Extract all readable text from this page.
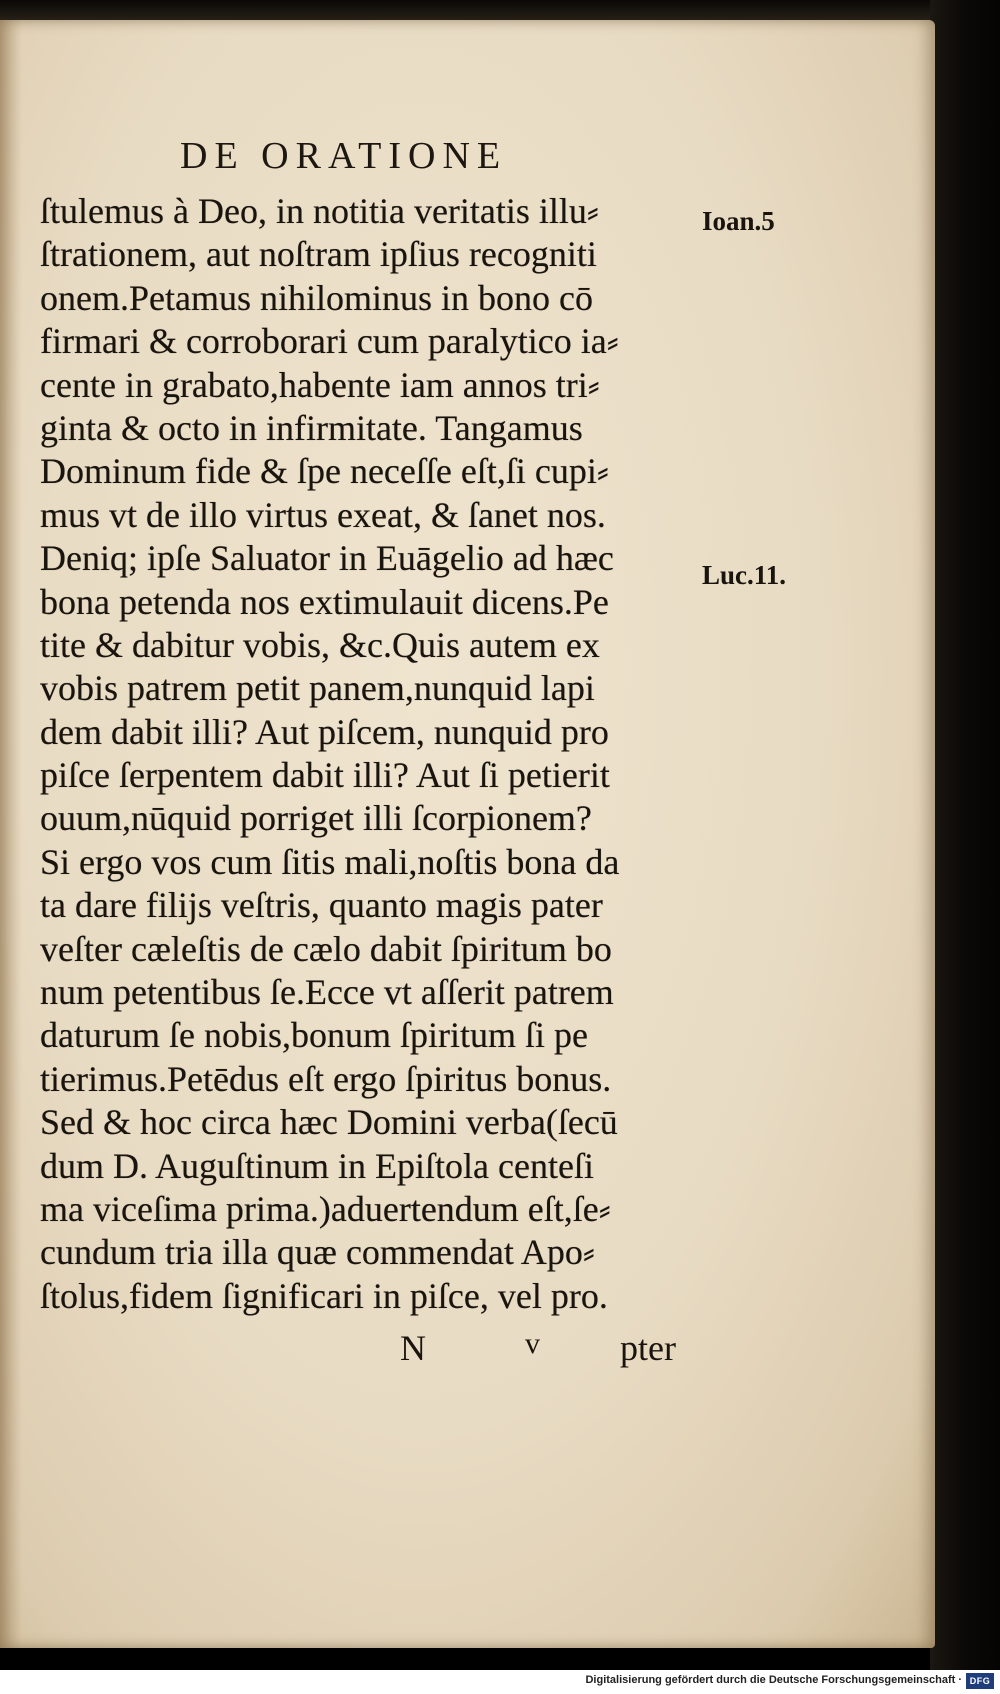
DE ORATIONE
ſtulemus à Deo, in notitia veritatis illu⸗
ſtrationem, aut noſtram ipſius recogniti
onem.Petamus nihilominus in bono cō
firmari & corroborari cum paralytico ia⸗
cente in grabato,habente iam annos tri⸗
ginta & octo in infirmitate. Tangamus
Dominum fide & ſpe neceſſe eſt,ſi cupi⸗
mus vt de illo virtus exeat, & ſanet nos.
Deniq; ipſe Saluator in Euāgelio ad hæc
bona petenda nos extimulauit dicens.Pe
tite & dabitur vobis, &c.Quis autem ex
vobis patrem petit panem,nunquid lapi
dem dabit illi? Aut piſcem, nunquid pro
piſce ſerpentem dabit illi? Aut ſi petierit
ouum,nūquid porriget illi ſcorpionem?
Si ergo vos cum ſitis mali,noſtis bona da
ta dare filijs veſtris, quanto magis pater
veſter cæleſtis de cælo dabit ſpiritum bo
num petentibus ſe.Ecce vt aſſerit patrem
daturum ſe nobis,bonum ſpiritum ſi pe
tierimus.Petēdus eſt ergo ſpiritus bonus.
Sed & hoc circa hæc Domini verba(ſecū
dum D. Auguſtinum in Epiſtola centeſi
ma viceſima prima.)aduertendum eſt,ſe⸗
cundum tria illa quæ commendat Apo⸗
ſtolus,fidem ſignificari in piſce, vel pro.
Ioan.5
Luc.11.
N	v pter
Digitalisierung gefördert durch die Deutsche Forschungsgemeinschaft · DFG
